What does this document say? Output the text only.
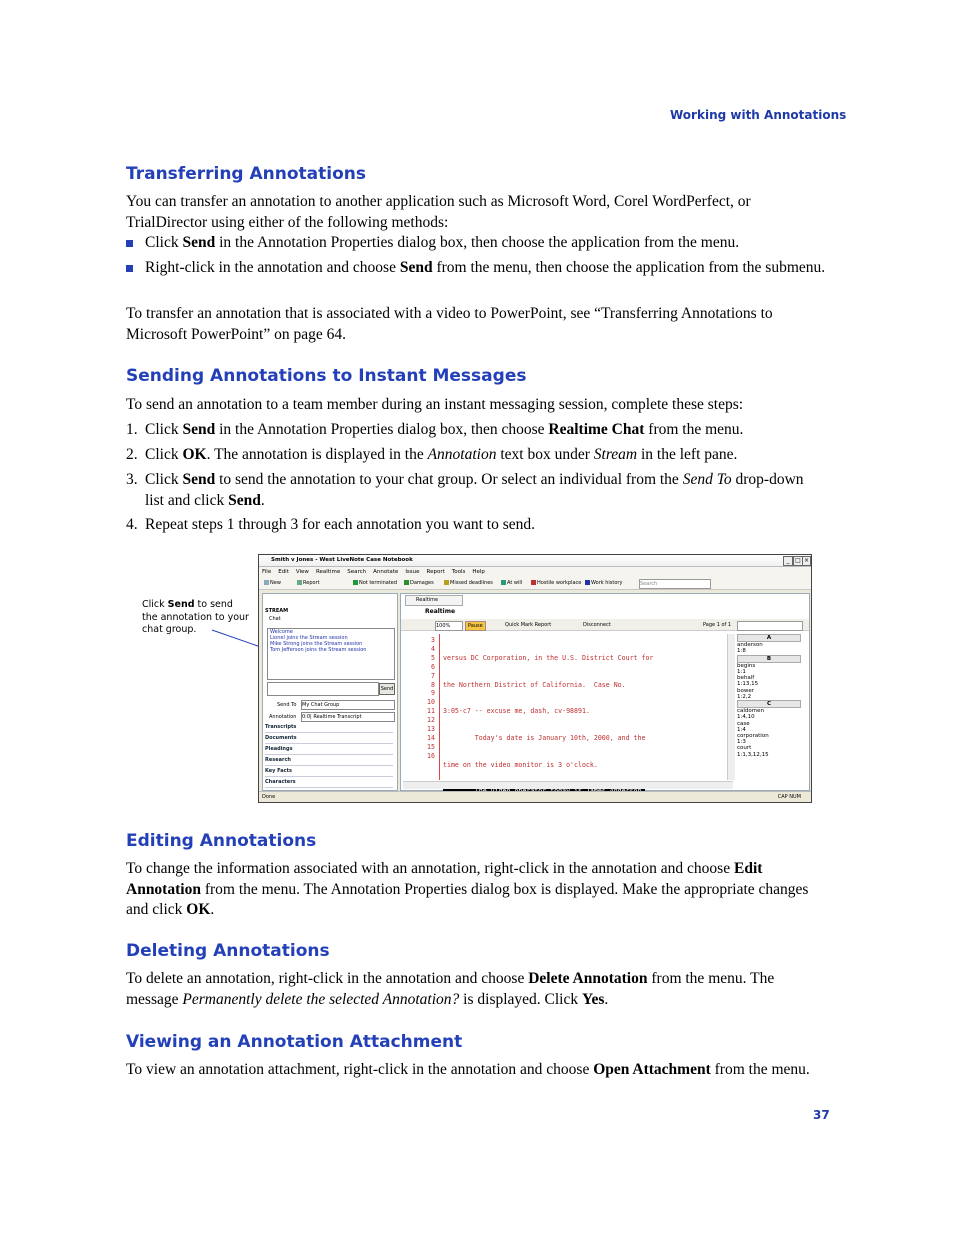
Working with Annotations
Transferring Annotations
You can transfer an annotation to another application such as Microsoft Word, Corel WordPerfect, or TrialDirector using either of the following methods:
Click Send in the Annotation Properties dialog box, then choose the application from the menu.
Right-click in the annotation and choose Send from the menu, then choose the application from the submenu.
To transfer an annotation that is associated with a video to PowerPoint, see “Transferring Annotations to Microsoft PowerPoint” on page 64.
Sending Annotations to Instant Messages
To send an annotation to a team member during an instant messaging session, complete these steps:
1. Click Send in the Annotation Properties dialog box, then choose Realtime Chat from the menu.
2. Click OK. The annotation is displayed in the Annotation text box under Stream in the left pane.
3. Click Send to send the annotation to your chat group. Or select an individual from the Send To drop-down list and click Send.
4. Repeat steps 1 through 3 for each annotation you want to send.
Click Send to send the annotation to your chat group.
Smith v Jones - West LiveNote Case Notebook	_ □ ×
File Edit View Realtime Search Annotate Issue Report Tools Help
New	Report	Not terminated	Damages	Missed deadlines	At will	Hostile workplace	Work history	Search
STREAM
Chat
Welcome
Lionel joins the Stream session
Mike Strong joins the Stream session
Tom Jefferson joins the Stream session
Send
Send To My Chat Group
Annotation 0:0| Realtime Transcript
Transcripts
Documents
Pleadings
Research
Key Facts
Characters
Realtime
Realtime
100%	Pause	Quick Mark Report	Disconnect	Page 1 of 1
3
4
5
6
7
8
9
10
11
12
13
14
15
16

versus DC Corporation, in the U.S. District Court for

the Northern District of California.  Case No.

3:05-c7 -- excuse me, dash, cv-98891.

Today's date is January 10th, 2000, and the

time on the video monitor is 3 o'clock.

A
anderson
1:8
B
begins
1:1
behalf
1:13,15
bower
1:2,2
C
caldomen
1:4,10
case
1:4
corporation
1:3
court
1:1,3,12,15
Done	CAP NUM
Editing Annotations
To change the information associated with an annotation, right-click in the annotation and choose Edit Annotation from the menu. The Annotation Properties dialog box is displayed. Make the appropriate changes and click OK.
Deleting Annotations
To delete an annotation, right-click in the annotation and choose Delete Annotation from the menu. The message Permanently delete the selected Annotation? is displayed. Click Yes.
Viewing an Annotation Attachment
To view an annotation attachment, right-click in the annotation and choose Open Attachment from the menu.
37
